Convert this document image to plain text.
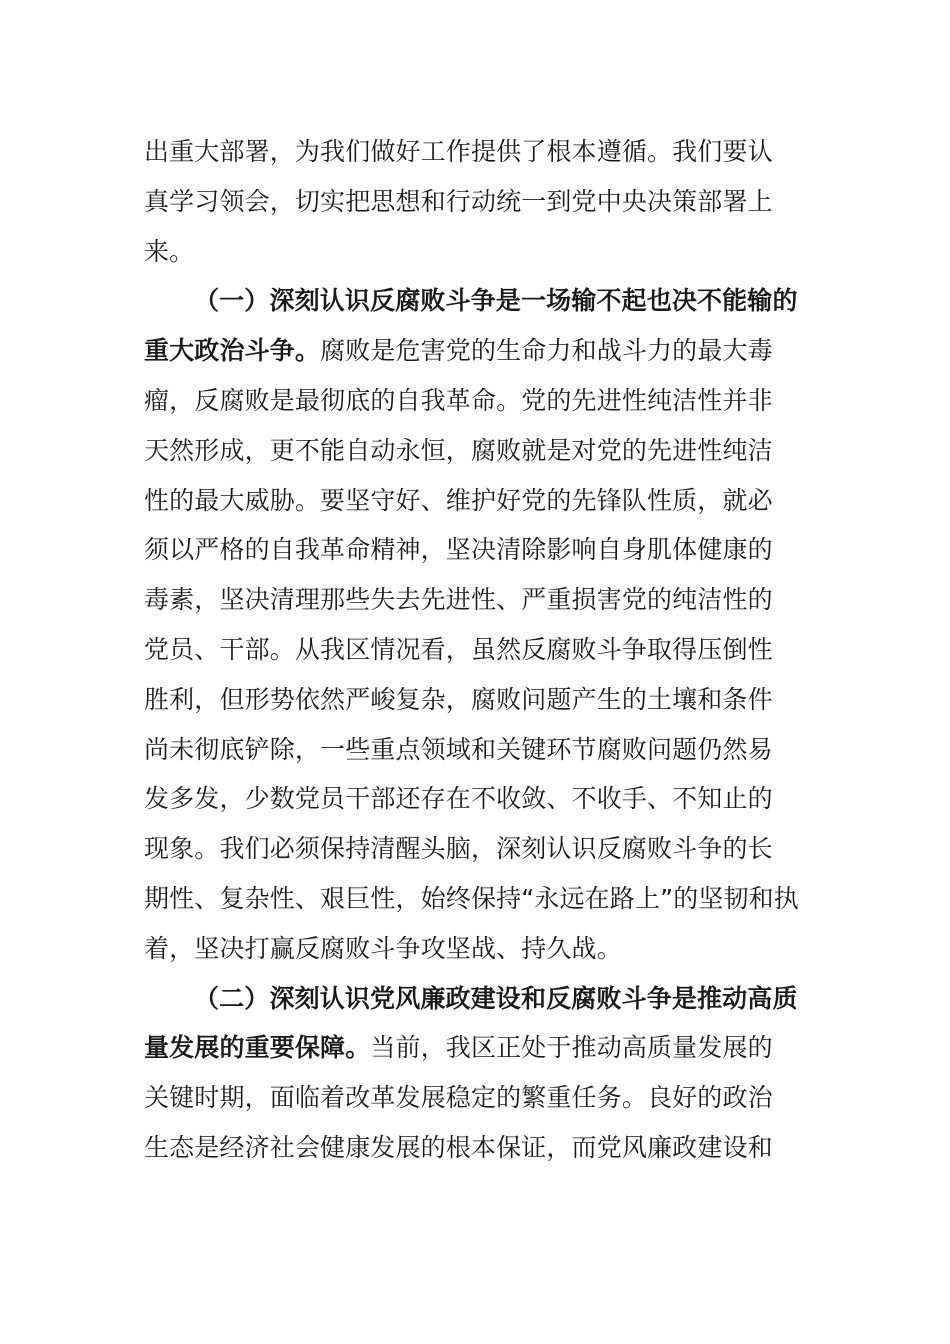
出重大部署，为我们做好工作提供了根本遵循。我们要认
真学习领会，切实把思想和行动统一到党中央决策部署上
来。
（一）深刻认识反腐败斗争是一场输不起也决不能输的
重大政治斗争。腐败是危害党的生命力和战斗力的最大毒
瘤，反腐败是最彻底的自我革命。党的先进性纯洁性并非
天然形成，更不能自动永恒，腐败就是对党的先进性纯洁
性的最大威胁。要坚守好、维护好党的先锋队性质，就必
须以严格的自我革命精神，坚决清除影响自身肌体健康的
毒素，坚决清理那些失去先进性、严重损害党的纯洁性的
党员、干部。从我区情况看，虽然反腐败斗争取得压倒性
胜利，但形势依然严峻复杂，腐败问题产生的土壤和条件
尚未彻底铲除，一些重点领域和关键环节腐败问题仍然易
发多发，少数党员干部还存在不收敛、不收手、不知止的
现象。我们必须保持清醒头脑，深刻认识反腐败斗争的长
期性、复杂性、艰巨性，始终保持“永远在路上”的坚韧和执
着，坚决打赢反腐败斗争攻坚战、持久战。
（二）深刻认识党风廉政建设和反腐败斗争是推动高质
量发展的重要保障。当前，我区正处于推动高质量发展的
关键时期，面临着改革发展稳定的繁重任务。良好的政治
生态是经济社会健康发展的根本保证，而党风廉政建设和
